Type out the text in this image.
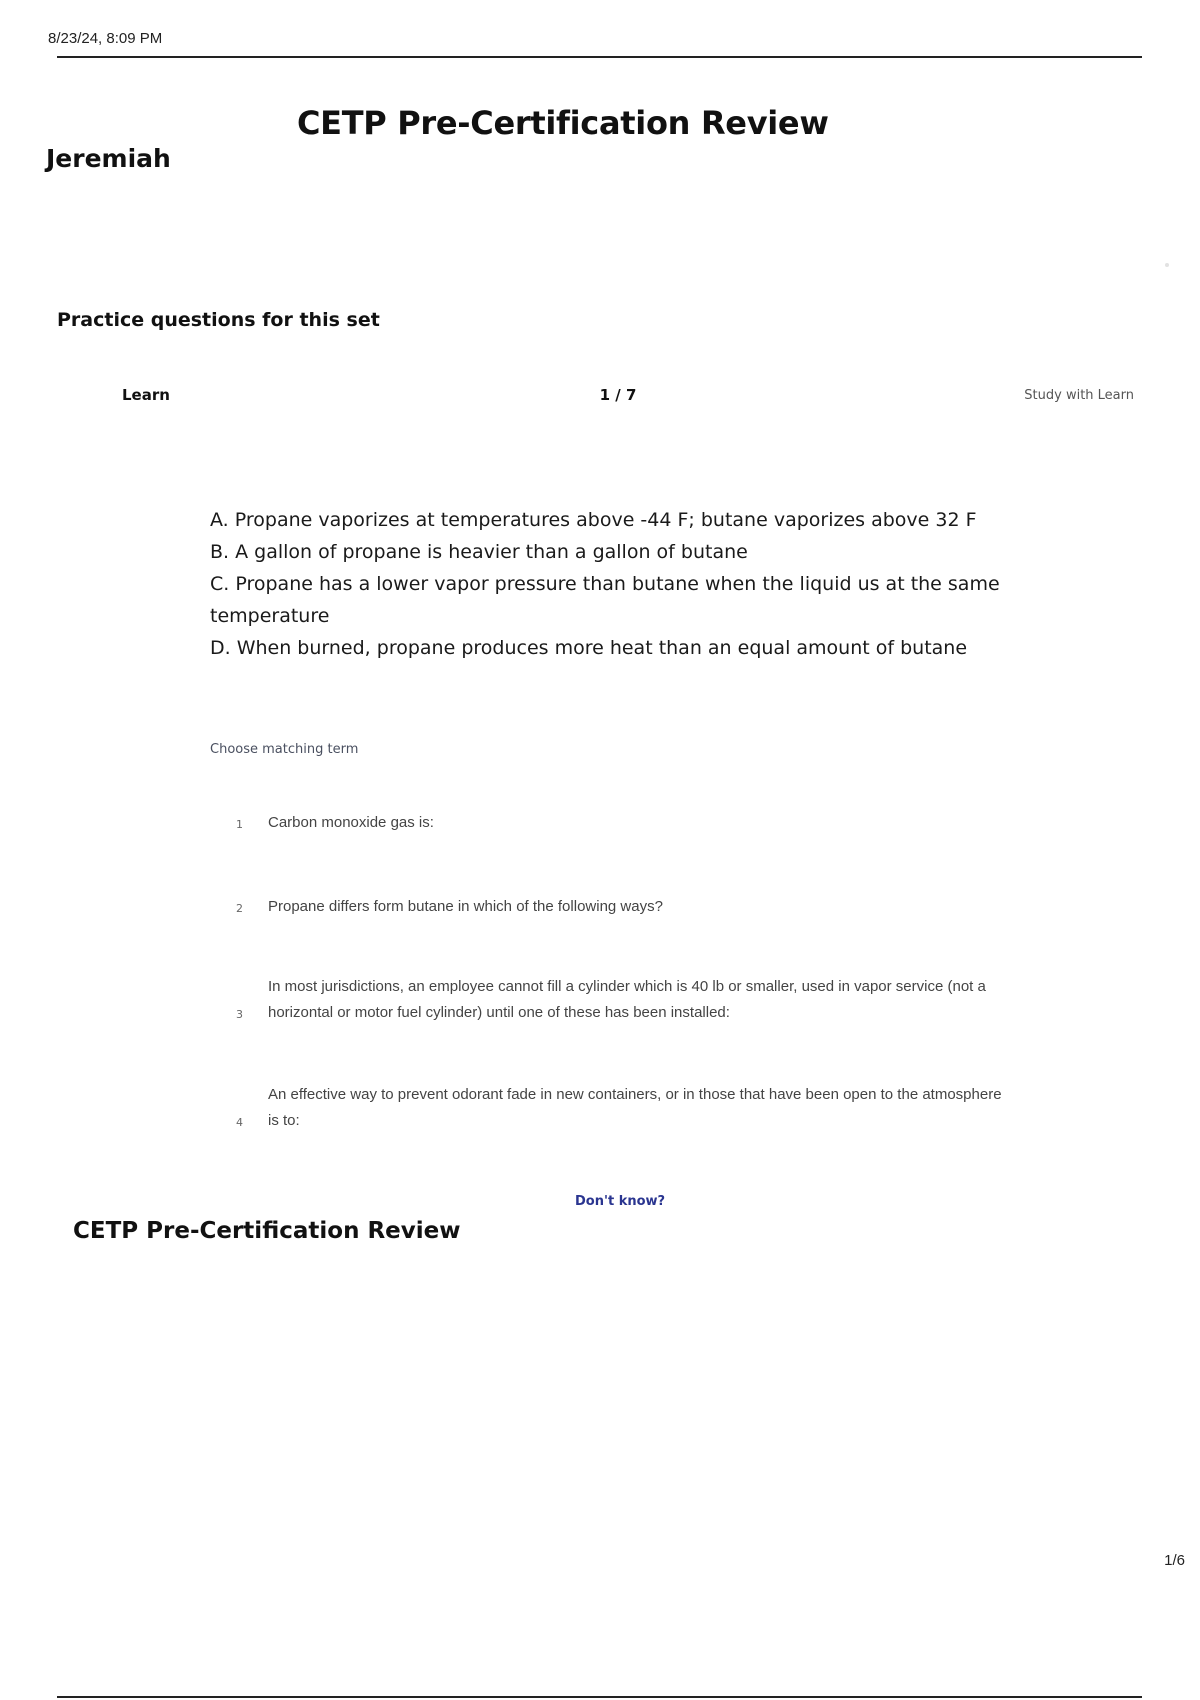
8/23/24, 8:09 PM
CETP Pre-Certification Review
Jeremiah
Practice questions for this set
Learn	1 / 7	Study with Learn
A. Propane vaporizes at temperatures above -44 F; butane vaporizes above 32 F
B. A gallon of propane is heavier than a gallon of butane
C. Propane has a lower vapor pressure than butane when the liquid us at the same temperature
D. When burned, propane produces more heat than an equal amount of butane
Choose matching term
1 Carbon monoxide gas is:
2 Propane differs form butane in which of the following ways?
3
In most jurisdictions, an employee cannot fill a cylinder which is 40 lb or smaller, used in vapor service (not a horizontal or motor fuel cylinder) until one of these has been installed:
4
An effective way to prevent odorant fade in new containers, or in those that have been open to the atmosphere is to:
Don't know?
CETP Pre-Certification Review
1/6
